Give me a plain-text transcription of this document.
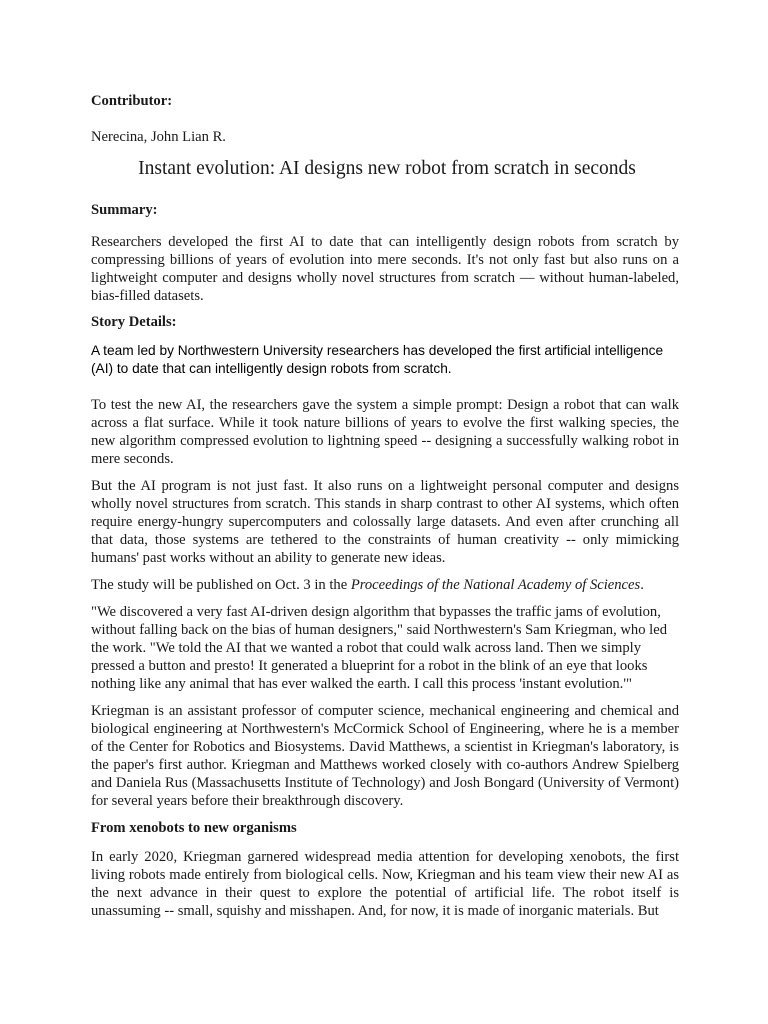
Contributor:
Nerecina, John Lian R.
Instant evolution: AI designs new robot from scratch in seconds
Summary:

Researchers developed the first AI to date that can intelligently design robots from scratch by compressing billions of years of evolution into mere seconds. It's not only fast but also runs on a lightweight computer and designs wholly novel structures from scratch — without human-labeled, bias-filled datasets.

Story Details:

A team led by Northwestern University researchers has developed the first artificial intelligence (AI) to date that can intelligently design robots from scratch.

To test the new AI, the researchers gave the system a simple prompt: Design a robot that can walk across a flat surface. While it took nature billions of years to evolve the first walking species, the new algorithm compressed evolution to lightning speed -- designing a successfully walking robot in mere seconds.

But the AI program is not just fast. It also runs on a lightweight personal computer and designs wholly novel structures from scratch. This stands in sharp contrast to other AI systems, which often require energy-hungry supercomputers and colossally large datasets. And even after crunching all that data, those systems are tethered to the constraints of human creativity -- only mimicking humans' past works without an ability to generate new ideas.

The study will be published on Oct. 3 in the Proceedings of the National Academy of Sciences.

"We discovered a very fast AI-driven design algorithm that bypasses the traffic jams of evolution, without falling back on the bias of human designers," said Northwestern's Sam Kriegman, who led the work. "We told the AI that we wanted a robot that could walk across land. Then we simply pressed a button and presto! It generated a blueprint for a robot in the blink of an eye that looks nothing like any animal that has ever walked the earth. I call this process 'instant evolution.'"

Kriegman is an assistant professor of computer science, mechanical engineering and chemical and biological engineering at Northwestern's McCormick School of Engineering, where he is a member of the Center for Robotics and Biosystems. David Matthews, a scientist in Kriegman's laboratory, is the paper's first author. Kriegman and Matthews worked closely with co-authors Andrew Spielberg and Daniela Rus (Massachusetts Institute of Technology) and Josh Bongard (University of Vermont) for several years before their breakthrough discovery.

From xenobots to new organisms

In early 2020, Kriegman garnered widespread media attention for developing xenobots, the first living robots made entirely from biological cells. Now, Kriegman and his team view their new AI as the next advance in their quest to explore the potential of artificial life. The robot itself is unassuming -- small, squishy and misshapen. And, for now, it is made of inorganic materials. But
